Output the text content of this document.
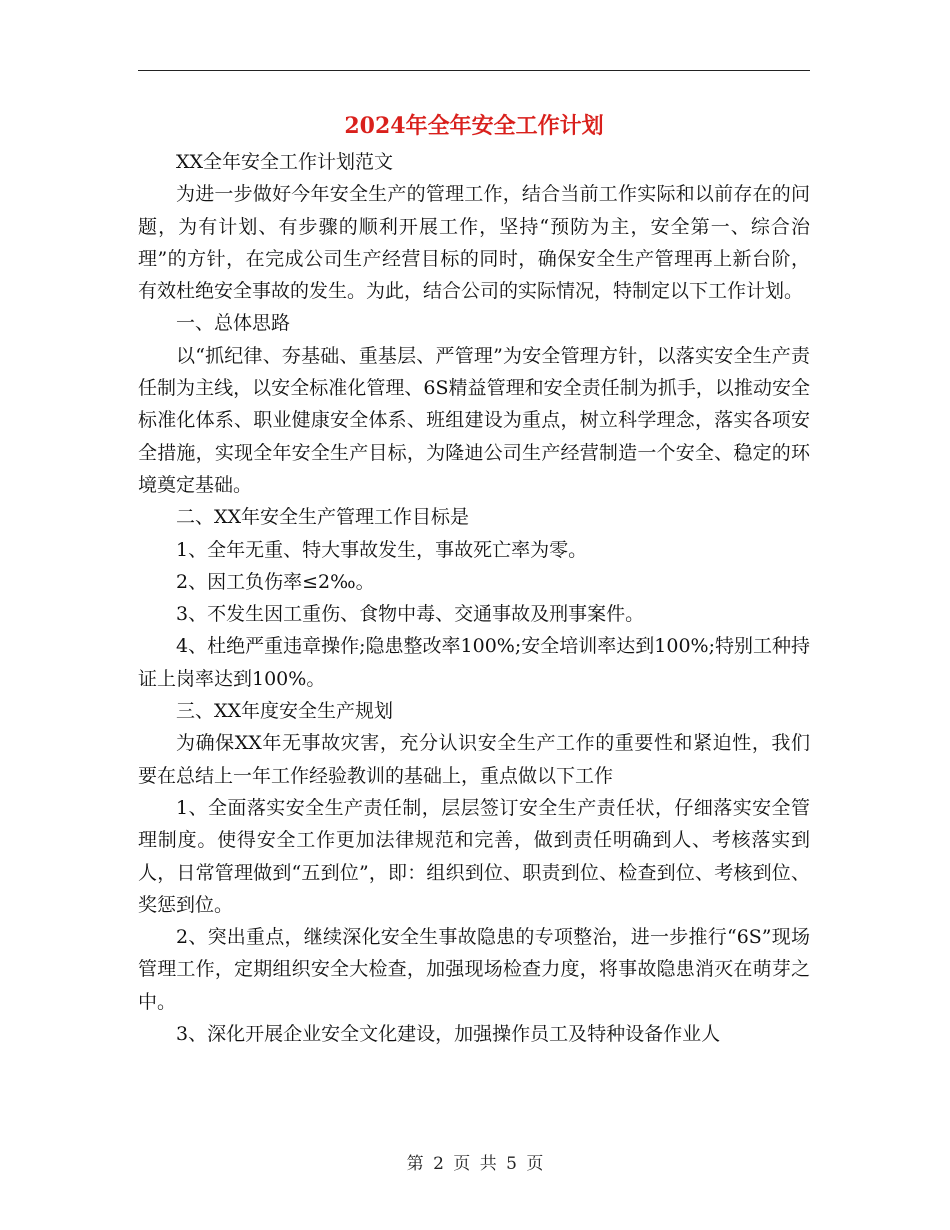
2024年全年安全工作计划

XX全年安全工作计划范文

为进一步做好今年安全生产的管理工作，结合当前工作实际和以前存在的问题，为有计划、有步骤的顺利开展工作，坚持“预防为主，安全第一、综合治理”的方针，在完成公司生产经营目标的同时，确保安全生产管理再上新台阶，有效杜绝安全事故的发生。为此，结合公司的实际情况，特制定以下工作计划。

一、总体思路

以“抓纪律、夯基础、重基层、严管理”为安全管理方针，以落实安全生产责任制为主线，以安全标准化管理、6S精益管理和安全责任制为抓手，以推动安全标准化体系、职业健康安全体系、班组建设为重点，树立科学理念，落实各项安全措施，实现全年安全生产目标，为隆迪公司生产经营制造一个安全、稳定的环境奠定基础。

二、XX年安全生产管理工作目标是

1、全年无重、特大事故发生，事故死亡率为零。

2、因工负伤率≤2‰。

3、不发生因工重伤、食物中毒、交通事故及刑事案件。

4、杜绝严重违章操作;隐患整改率100%;安全培训率达到100%;特别工种持证上岗率达到100%。

三、XX年度安全生产规划

为确保XX年无事故灾害，充分认识安全生产工作的重要性和紧迫性，我们要在总结上一年工作经验教训的基础上，重点做以下工作

1、全面落实安全生产责任制，层层签订安全生产责任状，仔细落实安全管理制度。使得安全工作更加法律规范和完善，做到责任明确到人、考核落实到人，日常管理做到“五到位”，即：组织到位、职责到位、检查到位、考核到位、奖惩到位。

2、突出重点，继续深化安全生事故隐患的专项整治，进一步推行“6S”现场管理工作，定期组织安全大检查，加强现场检查力度，将事故隐患消灭在萌芽之中。

3、深化开展企业安全文化建设，加强操作员工及特种设备作业人

第 2 页 共 5 页
